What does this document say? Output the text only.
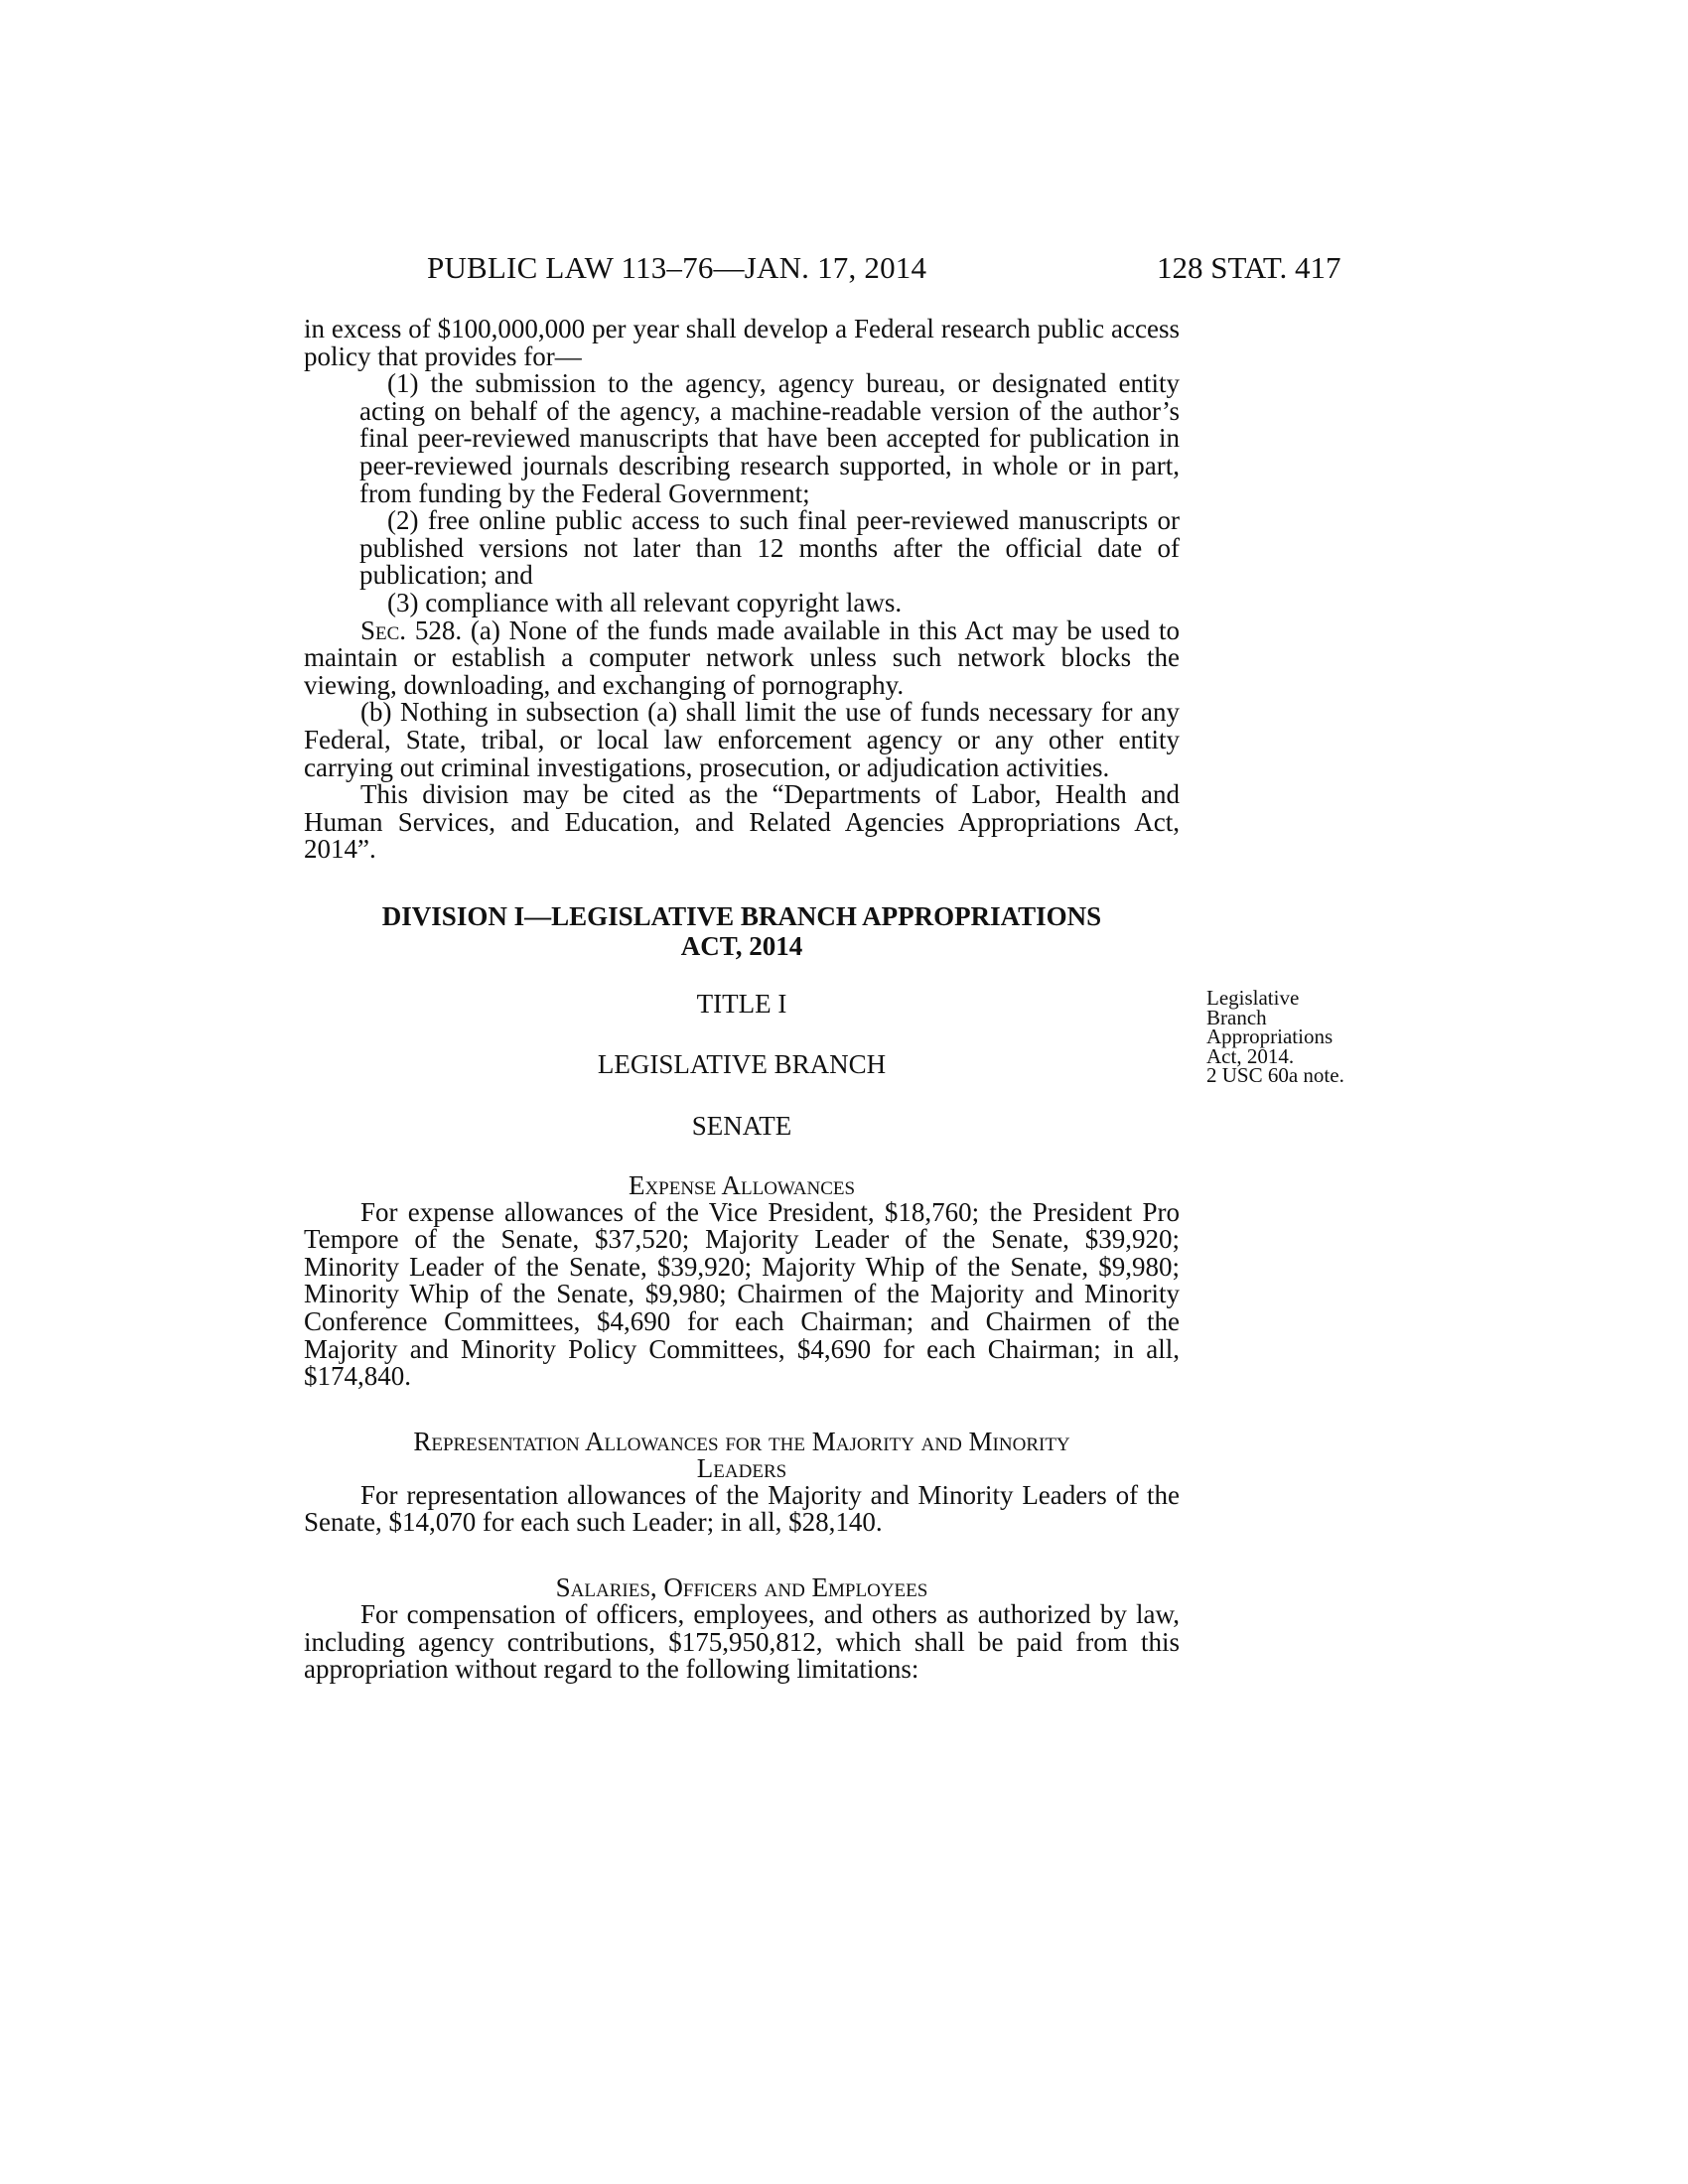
PUBLIC LAW 113–76—JAN. 17, 2014	128 STAT. 417

in excess of $100,000,000 per year shall develop a Federal research public access policy that provides for—

(1) the submission to the agency, agency bureau, or designated entity acting on behalf of the agency, a machine-readable version of the author’s final peer-reviewed manuscripts that have been accepted for publication in peer-reviewed journals describing research supported, in whole or in part, from funding by the Federal Government;

(2) free online public access to such final peer-reviewed manuscripts or published versions not later than 12 months after the official date of publication; and

(3) compliance with all relevant copyright laws.

Sec. 528. (a) None of the funds made available in this Act may be used to maintain or establish a computer network unless such network blocks the viewing, downloading, and exchanging of pornography.

(b) Nothing in subsection (a) shall limit the use of funds necessary for any Federal, State, tribal, or local law enforcement agency or any other entity carrying out criminal investigations, prosecution, or adjudication activities.

This division may be cited as the “Departments of Labor, Health and Human Services, and Education, and Related Agencies Appropriations Act, 2014”.

DIVISION I—LEGISLATIVE BRANCH APPROPRIATIONS
ACT, 2014
TITLE I
LEGISLATIVE BRANCH
SENATE
Expense Allowances

For expense allowances of the Vice President, $18,760; the President Pro Tempore of the Senate, $37,520; Majority Leader of the Senate, $39,920; Minority Leader of the Senate, $39,920; Majority Whip of the Senate, $9,980; Minority Whip of the Senate, $9,980; Chairmen of the Majority and Minority Conference Committees, $4,690 for each Chairman; and Chairmen of the Majority and Minority Policy Committees, $4,690 for each Chairman; in all, $174,840.

Representation Allowances for the Majority and Minority
Leaders

For representation allowances of the Majority and Minority Leaders of the Senate, $14,070 for each such Leader; in all, $28,140.

Salaries, Officers and Employees

For compensation of officers, employees, and others as authorized by law, including agency contributions, $175,950,812, which shall be paid from this appropriation without regard to the following limitations:

Legislative
Branch
Appropriations
Act, 2014.
2 USC 60a note.
